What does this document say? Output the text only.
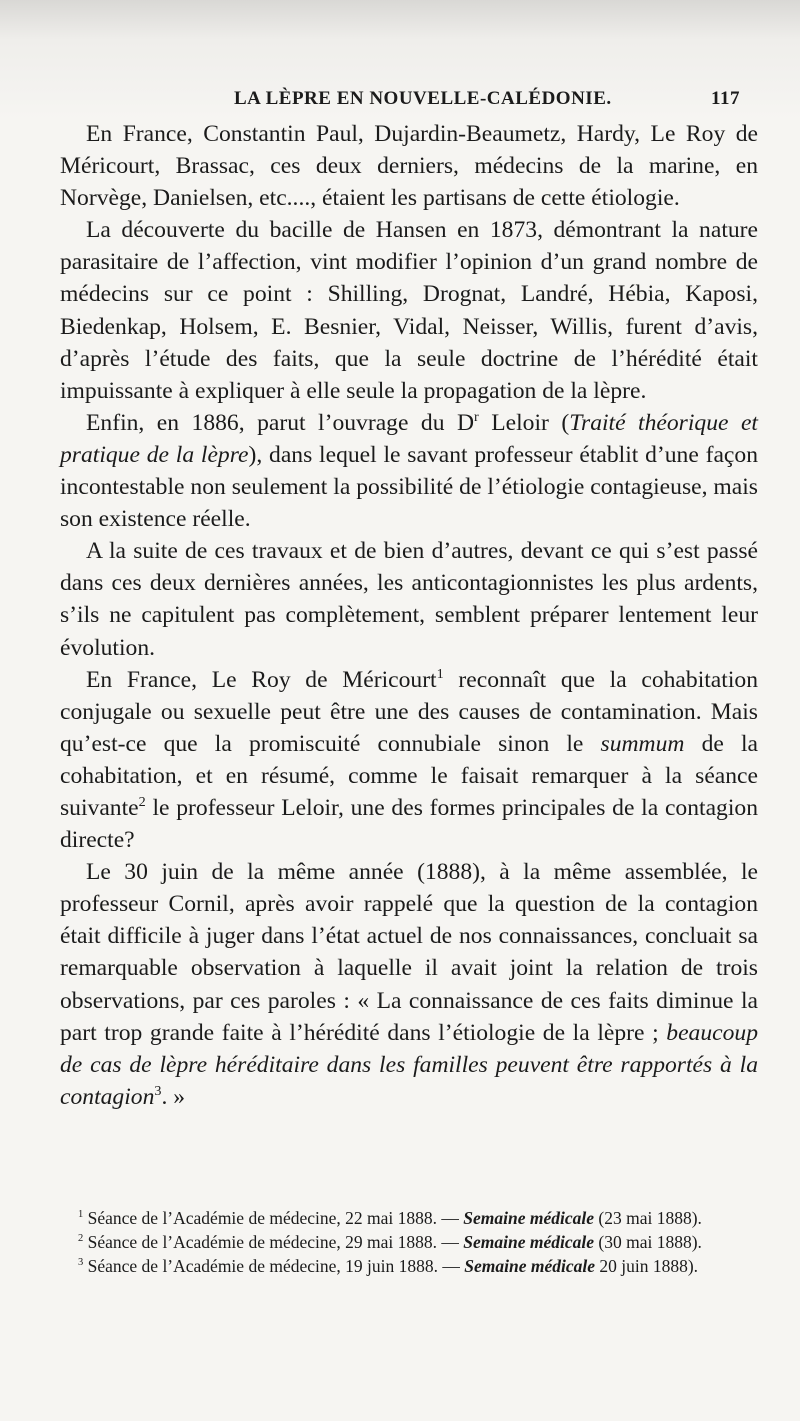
LA LÈPRE EN NOUVELLE-CALÉDONIE.	117

En France, Constantin Paul, Dujardin-Beaumetz, Hardy, Le Roy de Méricourt, Brassac, ces deux derniers, médecins de la marine, en Norvège, Danielsen, etc...., étaient les partisans de cette étiologie.

La découverte du bacille de Hansen en 1873, démontrant la nature parasitaire de l’affection, vint modifier l’opinion d’un grand nombre de médecins sur ce point : Shilling, Drognat, Landré, Hébia, Kaposi, Biedenkap, Holsem, E. Besnier, Vidal, Neisser, Willis, furent d’avis, d’après l’étude des faits, que la seule doctrine de l’hérédité était impuissante à expliquer à elle seule la propagation de la lèpre.

Enfin, en 1886, parut l’ouvrage du $D^r$ Leloir (Traité théorique et pratique de la lèpre), dans lequel le savant professeur établit d’une façon incontestable non seulement la possibilité de l’étiologie contagieuse, mais son existence réelle.

A la suite de ces travaux et de bien d’autres, devant ce qui s’est passé dans ces deux dernières années, les anticontagionnistes les plus ardents, s’ils ne capitulent pas complètement, semblent préparer lentement leur évolution.

En France, Le Roy de Méricourt$^1$ reconnaît que la cohabitation conjugale ou sexuelle peut être une des causes de contamination. Mais qu’est-ce que la promiscuité connubiale sinon le summum de la cohabitation, et en résumé, comme le faisait remarquer à la séance suivante$^2$ le professeur Leloir, une des formes principales de la contagion directe?

Le 30 juin de la même année (1888), à la même assemblée, le professeur Cornil, après avoir rappelé que la question de la contagion était difficile à juger dans l’état actuel de nos connaissances, concluait sa remarquable observation à laquelle il avait joint la relation de trois observations, par ces paroles : « La connaissance de ces faits diminue la part trop grande faite à l’hérédité dans l’étiologie de la lèpre ; beaucoup de cas de lèpre héréditaire dans les familles peuvent être rapportés à la contagion$^3$. »

$^1$ Séance de l’Académie de médecine, 22 mai 1888. — Semaine médicale (23 mai 1888).

$^2$ Séance de l’Académie de médecine, 29 mai 1888. — Semaine médicale (30 mai 1888).

$^3$ Séance de l’Académie de médecine, 19 juin 1888. — Semaine médicale 20 juin 1888).
